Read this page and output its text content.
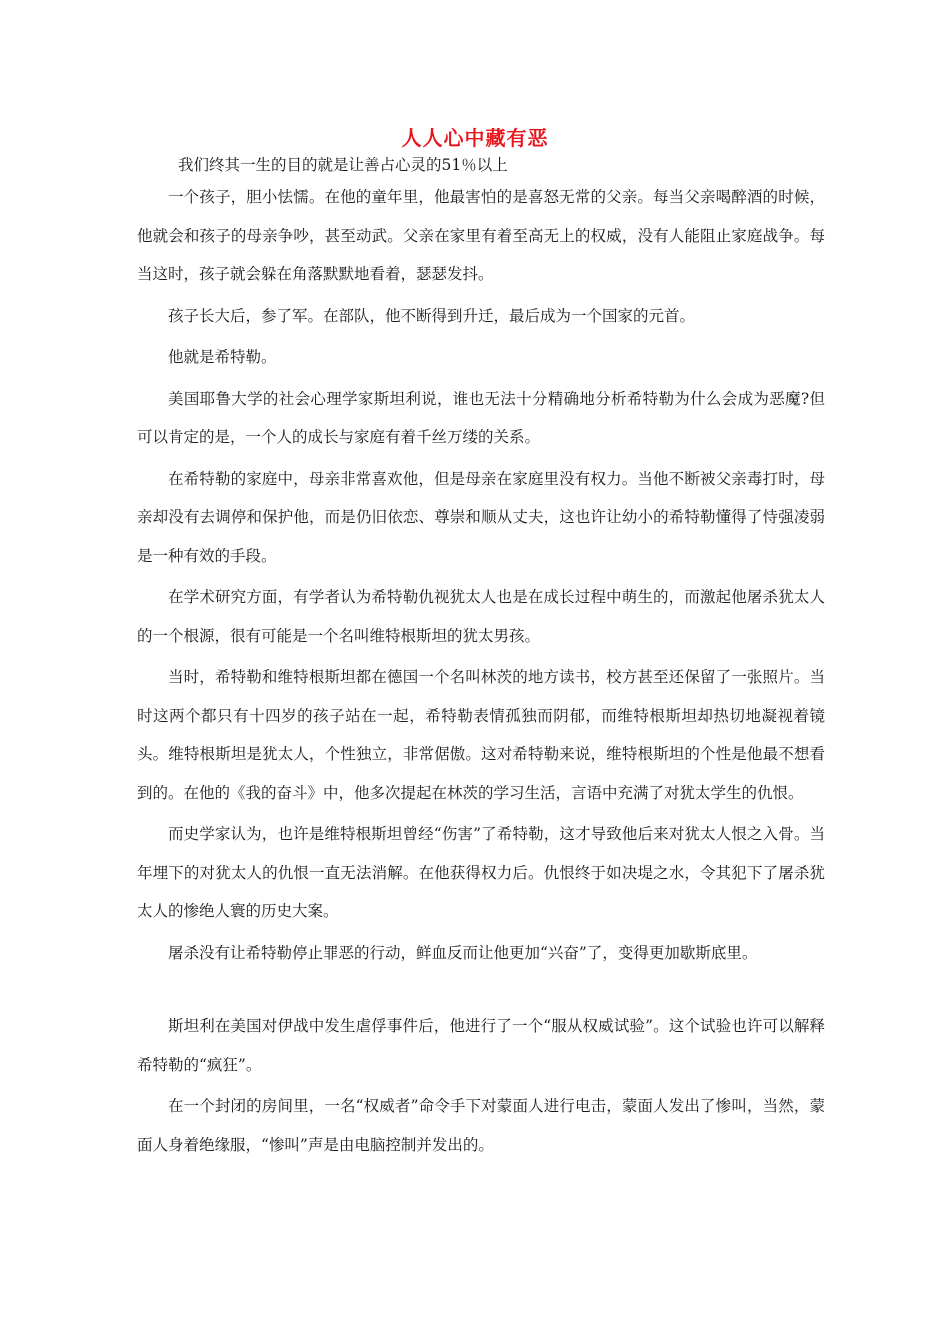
人人心中藏有恶
我们终其一生的目的就是让善占心灵的51％以上

一个孩子，胆小怯懦。在他的童年里，他最害怕的是喜怒无常的父亲。每当父亲喝醉酒的时候，他就会和孩子的母亲争吵，甚至动武。父亲在家里有着至高无上的权威，没有人能阻止家庭战争。每当这时，孩子就会躲在角落默默地看着，瑟瑟发抖。

孩子长大后，参了军。在部队，他不断得到升迁，最后成为一个国家的元首。

他就是希特勒。

美国耶鲁大学的社会心理学家斯坦利说，谁也无法十分精确地分析希特勒为什么会成为恶魔?但可以肯定的是，一个人的成长与家庭有着千丝万缕的关系。

在希特勒的家庭中，母亲非常喜欢他，但是母亲在家庭里没有权力。当他不断被父亲毒打时，母亲却没有去调停和保护他，而是仍旧依恋、尊崇和顺从丈夫，这也许让幼小的希特勒懂得了恃强凌弱是一种有效的手段。

在学术研究方面，有学者认为希特勒仇视犹太人也是在成长过程中萌生的，而激起他屠杀犹太人的一个根源，很有可能是一个名叫维特根斯坦的犹太男孩。

当时，希特勒和维特根斯坦都在德国一个名叫林茨的地方读书，校方甚至还保留了一张照片。当时这两个都只有十四岁的孩子站在一起，希特勒表情孤独而阴郁，而维特根斯坦却热切地凝视着镜头。维特根斯坦是犹太人，个性独立，非常倨傲。这对希特勒来说，维特根斯坦的个性是他最不想看到的。在他的《我的奋斗》中，他多次提起在林茨的学习生活，言语中充满了对犹太学生的仇恨。

而史学家认为，也许是维特根斯坦曾经“伤害”了希特勒，这才导致他后来对犹太人恨之入骨。当年埋下的对犹太人的仇恨一直无法消解。在他获得权力后。仇恨终于如决堤之水，令其犯下了屠杀犹太人的惨绝人寰的历史大案。

屠杀没有让希特勒停止罪恶的行动，鲜血反而让他更加“兴奋”了，变得更加歇斯底里。

斯坦利在美国对伊战中发生虐俘事件后，他进行了一个“服从权威试验”。这个试验也许可以解释希特勒的“疯狂”。

在一个封闭的房间里，一名“权威者”命令手下对蒙面人进行电击，蒙面人发出了惨叫，当然，蒙面人身着绝缘服，“惨叫”声是由电脑控制并发出的。
